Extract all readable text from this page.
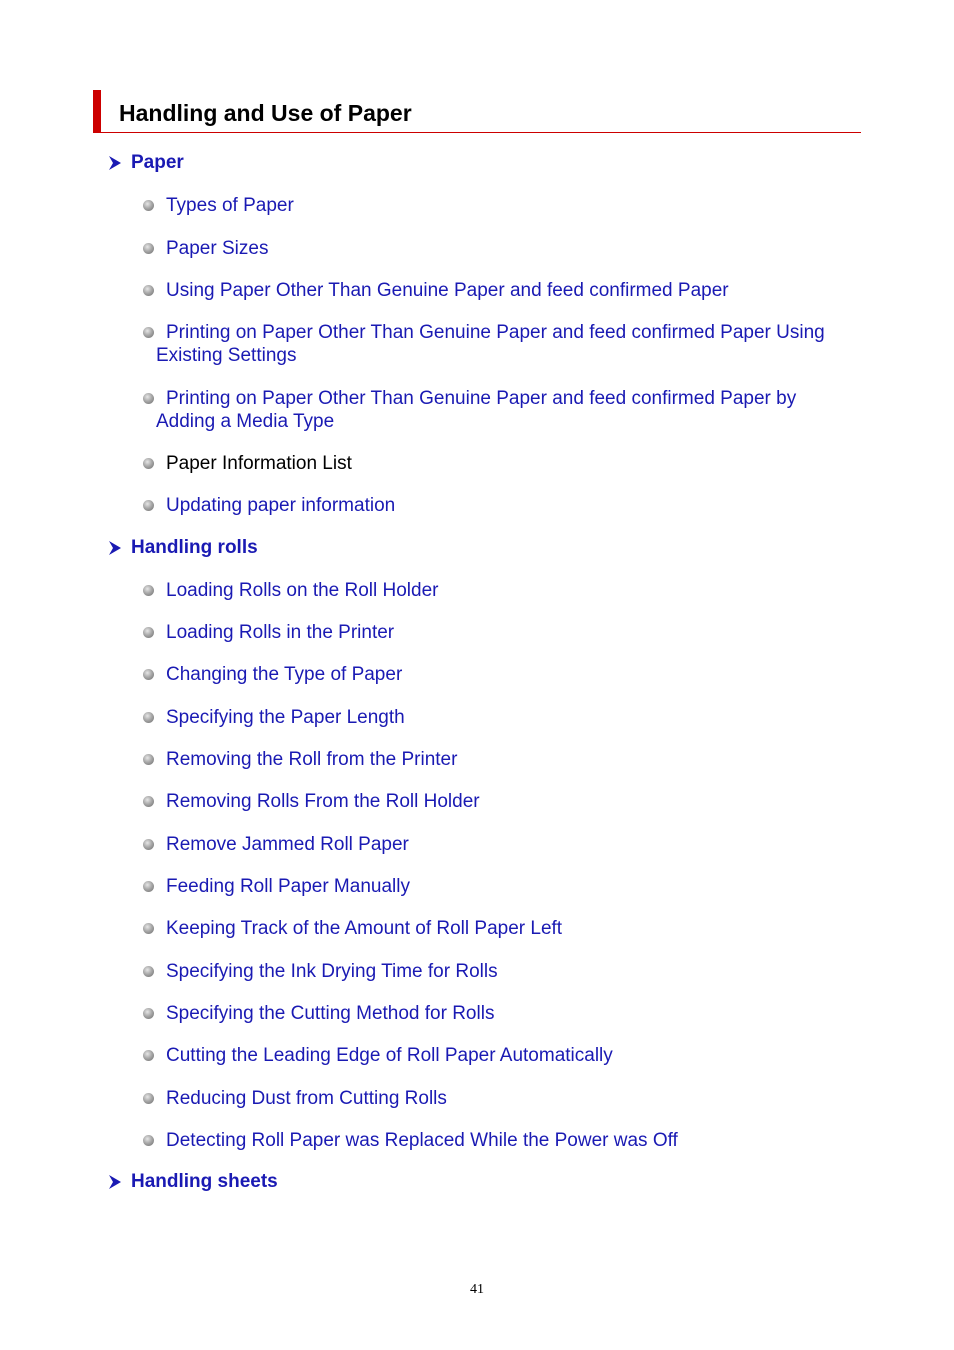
Handling and Use of Paper
Paper
Types of Paper
Paper Sizes
Using Paper Other Than Genuine Paper and feed confirmed Paper
Printing on Paper Other Than Genuine Paper and feed confirmed Paper Using
Existing Settings
Printing on Paper Other Than Genuine Paper and feed confirmed Paper by
Adding a Media Type
Paper Information List
Updating paper information
Handling rolls
Loading Rolls on the Roll Holder
Loading Rolls in the Printer
Changing the Type of Paper
Specifying the Paper Length
Removing the Roll from the Printer
Removing Rolls From the Roll Holder
Remove Jammed Roll Paper
Feeding Roll Paper Manually
Keeping Track of the Amount of Roll Paper Left
Specifying the Ink Drying Time for Rolls
Specifying the Cutting Method for Rolls
Cutting the Leading Edge of Roll Paper Automatically
Reducing Dust from Cutting Rolls
Detecting Roll Paper was Replaced While the Power was Off
Handling sheets
41
